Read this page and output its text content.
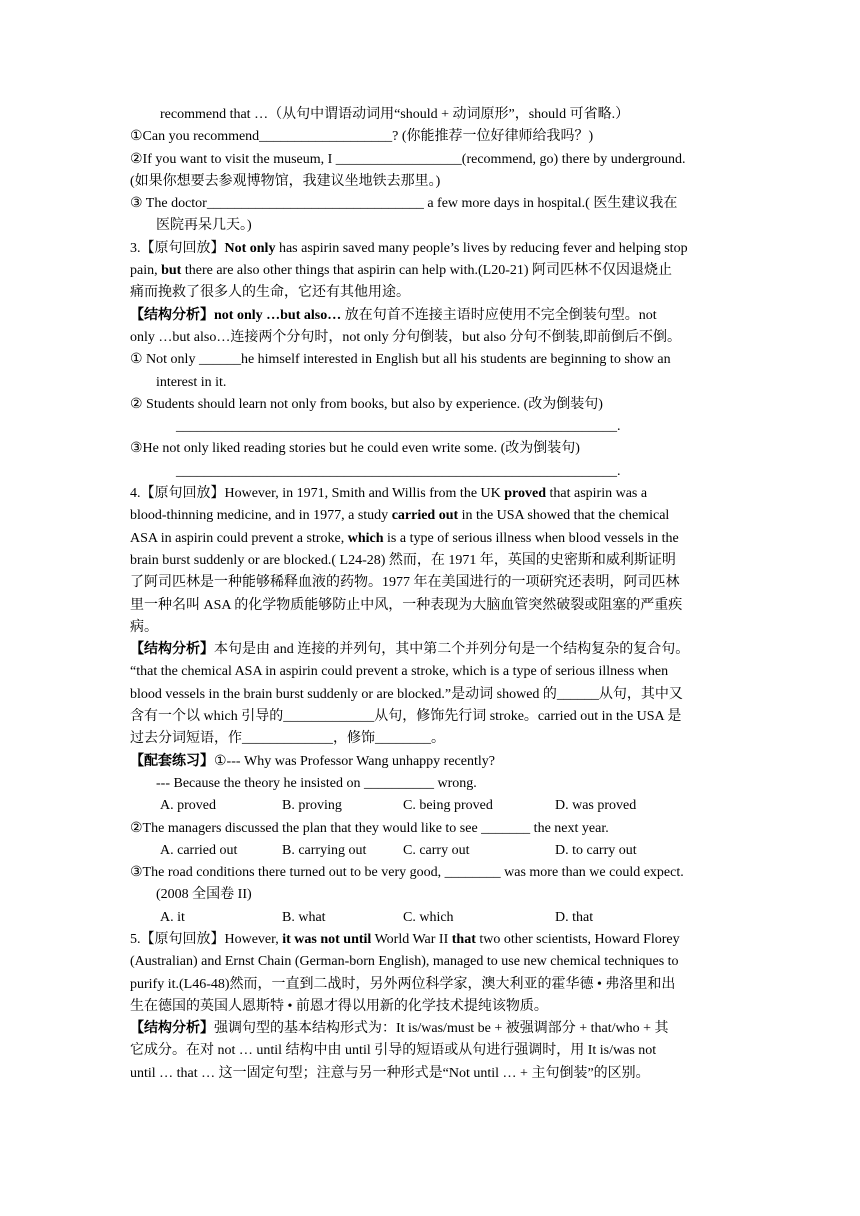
recommend that …（从句中谓语动词用“should + 动词原形”，should 可省略.）
①Can you recommend___________________? (你能推荐一位好律师给我吗？)
②If you want to visit the museum, I __________________(recommend, go) there by underground.
(如果你想要去参观博物馆，我建议坐地铁去那里。)
③ The doctor_______________________________ a few more days in hospital.( 医生建议我在
医院再呆几天。)
3.【原句回放】Not only has aspirin saved many people’s lives by reducing fever and helping stop
pain, but there are also other things that aspirin can help with.(L20-21) 阿司匹林不仅因退烧止
痛而挽救了很多人的生命，它还有其他用途。
【结构分析】not only …but also… 放在句首不连接主语时应使用不完全倒装句型。not
only …but also…连接两个分句时，not only 分句倒装，but also 分句不倒装,即前倒后不倒。
① Not only ______he himself interested in English but all his students are beginning to show an
interest in it.
② Students should learn not only from books, but also by experience. (改为倒装句)
_______________________________________________________________.
③He not only liked reading stories but he could even write some. (改为倒装句)
_______________________________________________________________.
4.【原句回放】However, in 1971, Smith and Willis from the UK proved that aspirin was a
blood-thinning medicine, and in 1977, a study carried out in the USA showed that the chemical
ASA in aspirin could prevent a stroke, which is a type of serious illness when blood vessels in the
brain burst suddenly or are blocked.( L24-28) 然而，在 1971 年，英国的史密斯和威利斯证明
了阿司匹林是一种能够稀释血液的药物。1977 年在美国进行的一项研究还表明，阿司匹林
里一种名叫 ASA 的化学物质能够防止中风，一种表现为大脑血管突然破裂或阻塞的严重疾
病。
【结构分析】本句是由 and 连接的并列句，其中第二个并列分句是一个结构复杂的复合句。
“that the chemical ASA in aspirin could prevent a stroke, which is a type of serious illness when
blood vessels in the brain burst suddenly or are blocked.”是动词 showed 的______从句，其中又
含有一个以 which 引导的_____________从句，修饰先行词 stroke。carried out in the USA 是
过去分词短语，作_____________，修饰________。
【配套练习】①--- Why was Professor Wang unhappy recently?
--- Because the theory he insisted on __________ wrong.
A. proved	B. proving	C. being proved	D. was proved
②The managers discussed the plan that they would like to see _______ the next year.
A. carried out	B. carrying out	C. carry out	D. to carry out
③The road conditions there turned out to be very good, ________ was more than we could expect.
(2008 全国卷 II)
A. it	B. what	C. which	D. that
5.【原句回放】However, it was not until World War II that two other scientists, Howard Florey
(Australian) and Ernst Chain (German-born English), managed to use new chemical techniques to
purify it.(L46-48)然而，一直到二战时，另外两位科学家，澳大利亚的霍华德 • 弗洛里和出
生在德国的英国人恩斯特 • 前恩才得以用新的化学技术提纯该物质。
【结构分析】强调句型的基本结构形式为：It is/was/must be + 被强调部分 + that/who + 其
它成分。在对 not … until 结构中由 until 引导的短语或从句进行强调时，用 It is/was not
until … that … 这一固定句型；注意与另一种形式是“Not until … + 主句倒装”的区别。
